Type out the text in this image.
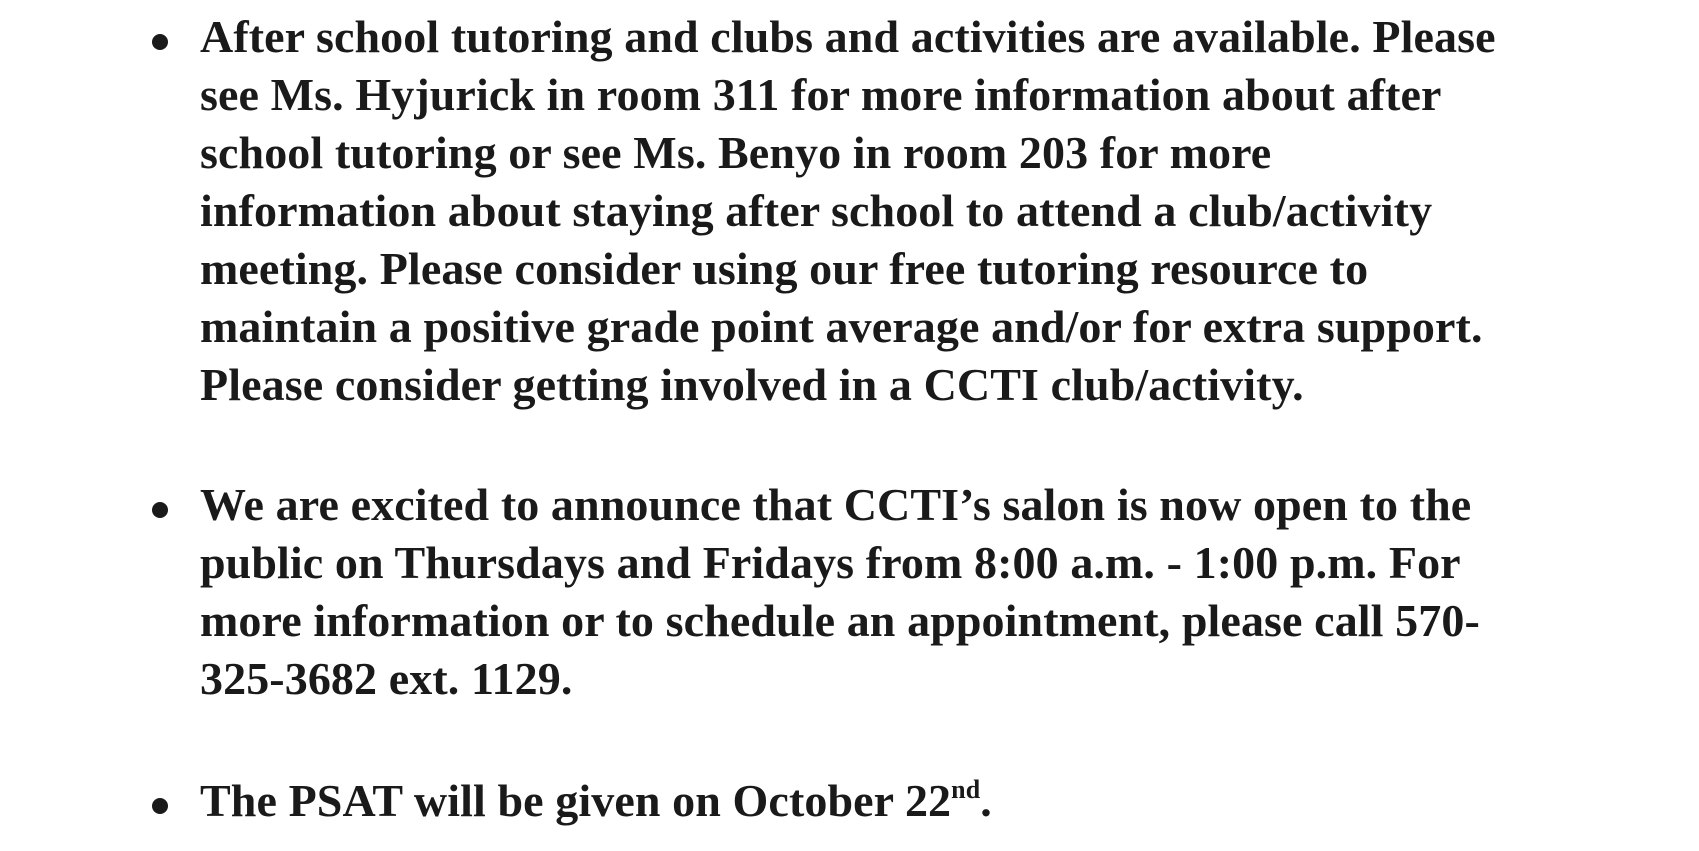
After school tutoring and clubs and activities are available. Please
see Ms. Hyjurick in room 311 for more information about after
school tutoring or see Ms. Benyo in room 203 for more
information about staying after school to attend a club/activity
meeting. Please consider using our free tutoring resource to
maintain a positive grade point average and/or for extra support.
Please consider getting involved in a CCTI club/activity.
We are excited to announce that CCTI’s salon is now open to the
public on Thursdays and Fridays from 8:00 a.m. - 1:00 p.m. For
more information or to schedule an appointment, please call 570-
325-3682 ext. 1129.
The PSAT will be given on October 22nd.
